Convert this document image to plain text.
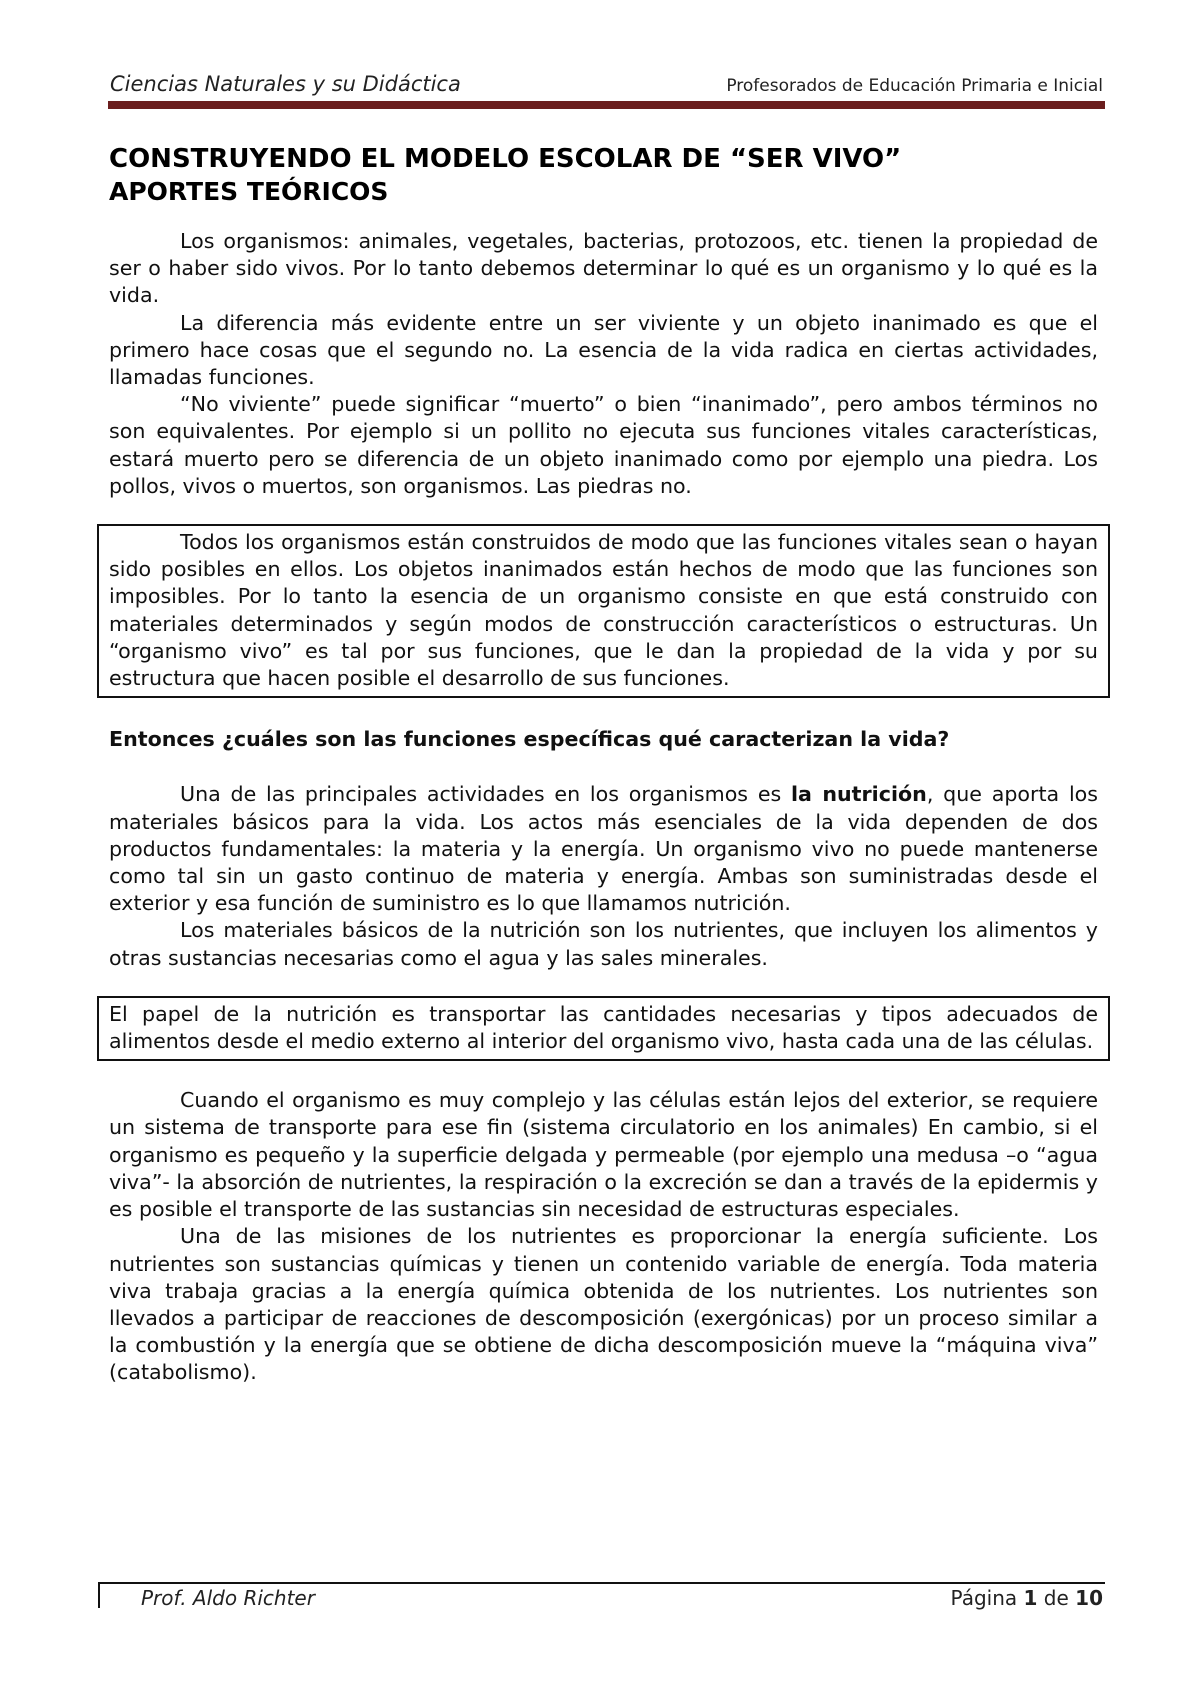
Ciencias Naturales y su Didáctica	Profesorados de Educación Primaria e Inicial
CONSTRUYENDO EL MODELO ESCOLAR DE “SER VIVO”
APORTES TEÓRICOS

Los organismos: animales, vegetales, bacterias, protozoos, etc. tienen la propiedad de ser o haber sido vivos. Por lo tanto debemos determinar lo qué es un organismo y lo qué es la vida.

La diferencia más evidente entre un ser viviente y un objeto inanimado es que el primero hace cosas que el segundo no. La esencia de la vida radica en ciertas actividades, llamadas funciones.

“No viviente” puede significar “muerto” o bien “inanimado”, pero ambos términos no son equivalentes. Por ejemplo si un pollito no ejecuta sus funciones vitales características, estará muerto pero se diferencia de un objeto inanimado como por ejemplo una piedra. Los pollos, vivos o muertos, son organismos. Las piedras no.

Todos los organismos están construidos de modo que las funciones vitales sean o hayan sido posibles en ellos. Los objetos inanimados están hechos de modo que las funciones son imposibles. Por lo tanto la esencia de un organismo consiste en que está construido con materiales determinados y según modos de construcción característicos o estructuras. Un “organismo vivo” es tal por sus funciones, que le dan la propiedad de la vida y por su estructura que hacen posible el desarrollo de sus funciones.

Entonces ¿cuáles son las funciones específicas qué caracterizan la vida?

Una de las principales actividades en los organismos es la nutrición, que aporta los materiales básicos para la vida. Los actos más esenciales de la vida dependen de dos productos fundamentales: la materia y la energía. Un organismo vivo no puede mantenerse como tal sin un gasto continuo de materia y energía. Ambas son suministradas desde el exterior y esa función de suministro es lo que llamamos nutrición.

Los materiales básicos de la nutrición son los nutrientes, que incluyen los alimentos y otras sustancias necesarias como el agua y las sales minerales.

El papel de la nutrición es transportar las cantidades necesarias y tipos adecuados de alimentos desde el medio externo al interior del organismo vivo, hasta cada una de las células.

Cuando el organismo es muy complejo y las células están lejos del exterior, se requiere un sistema de transporte para ese fin (sistema circulatorio en los animales) En cambio, si el organismo es pequeño y la superficie delgada y permeable (por ejemplo una medusa –o “agua viva”- la absorción de nutrientes, la respiración o la excreción se dan a través de la epidermis y es posible el transporte de las sustancias sin necesidad de estructuras especiales.

Una de las misiones de los nutrientes es proporcionar la energía suficiente. Los nutrientes son sustancias químicas y tienen un contenido variable de energía. Toda materia viva trabaja gracias a la energía química obtenida de los nutrientes. Los nutrientes son llevados a participar de reacciones de descomposición (exergónicas) por un proceso similar a la combustión y la energía que se obtiene de dicha descomposición mueve la “máquina viva” (catabolismo).

Prof. Aldo Richter	Página 1 de 10
